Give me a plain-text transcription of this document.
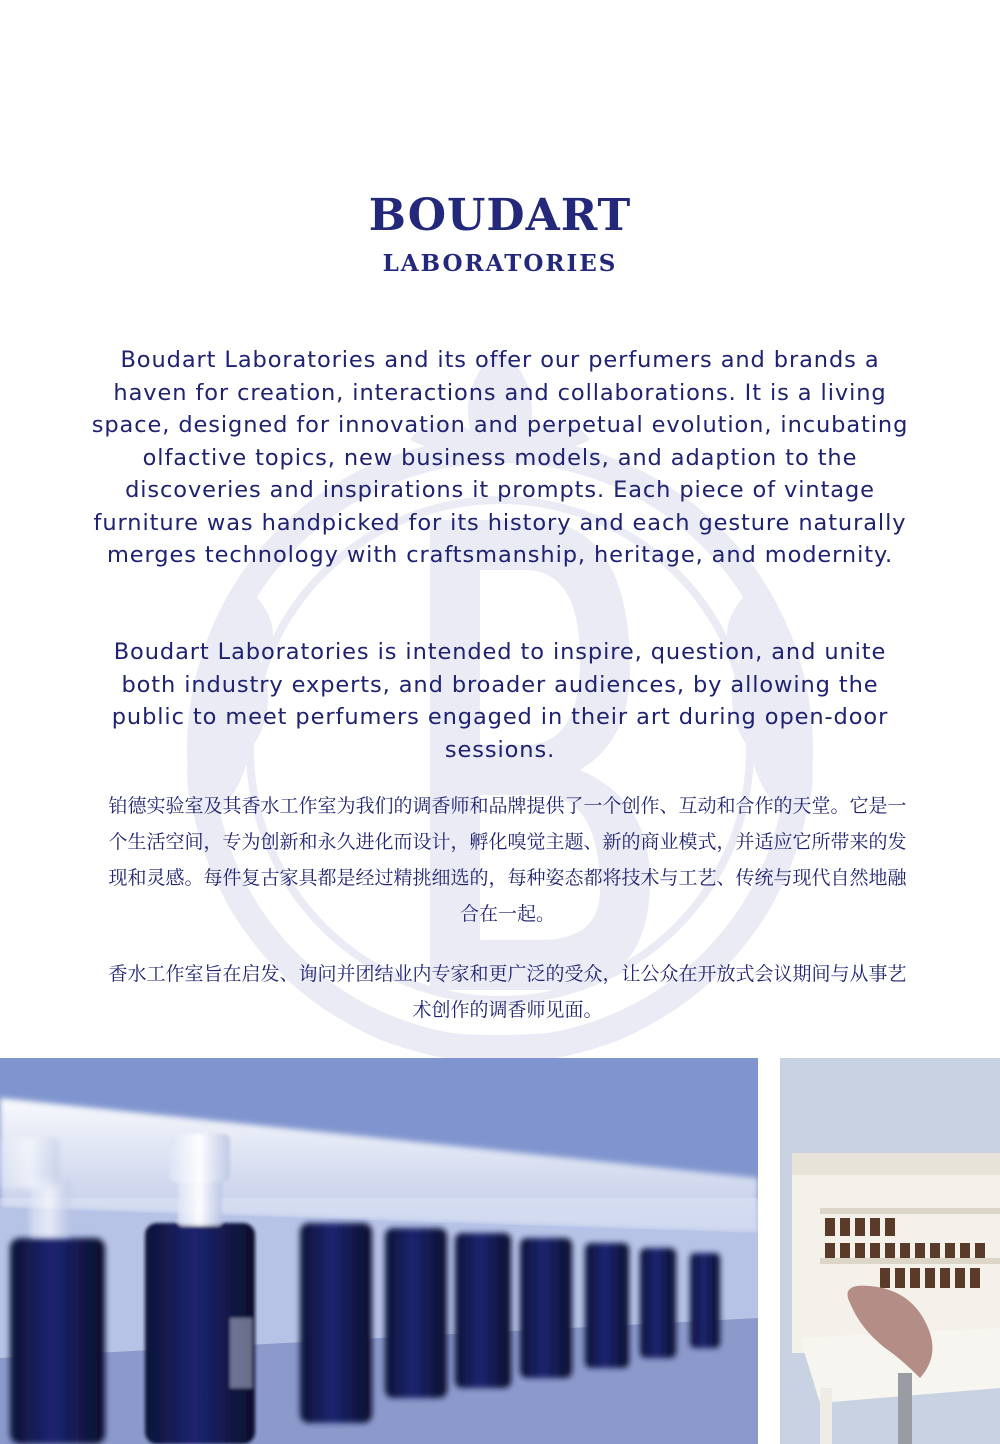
BOUDART
LABORATORIES

Boudart Laboratories and its offer our perfumers and brands a haven for creation, interactions and collaborations. It is a living space, designed for innovation and perpetual evolution, incubating olfactive topics, new business models, and adaption to the discoveries and inspirations it prompts. Each piece of vintage furniture was handpicked for its history and each gesture naturally merges technology with craftsmanship, heritage, and modernity.

Boudart Laboratories is intended to inspire, question, and unite both industry experts, and broader audiences, by allowing the public to meet perfumers engaged in their art during open-door sessions.

铂德实验室及其香水工作室为我们的调香师和品牌提供了一个创作、互动和合作的天堂。它是一个生活空间，专为创新和永久进化而设计，孵化嗅觉主题、新的商业模式，并适应它所带来的发现和灵感。每件复古家具都是经过精挑细选的，每种姿态都将技术与工艺、传统与现代自然地融合在一起。

香水工作室旨在启发、询问并团结业内专家和更广泛的受众，让公众在开放式会议期间与从事艺术创作的调香师见面。
